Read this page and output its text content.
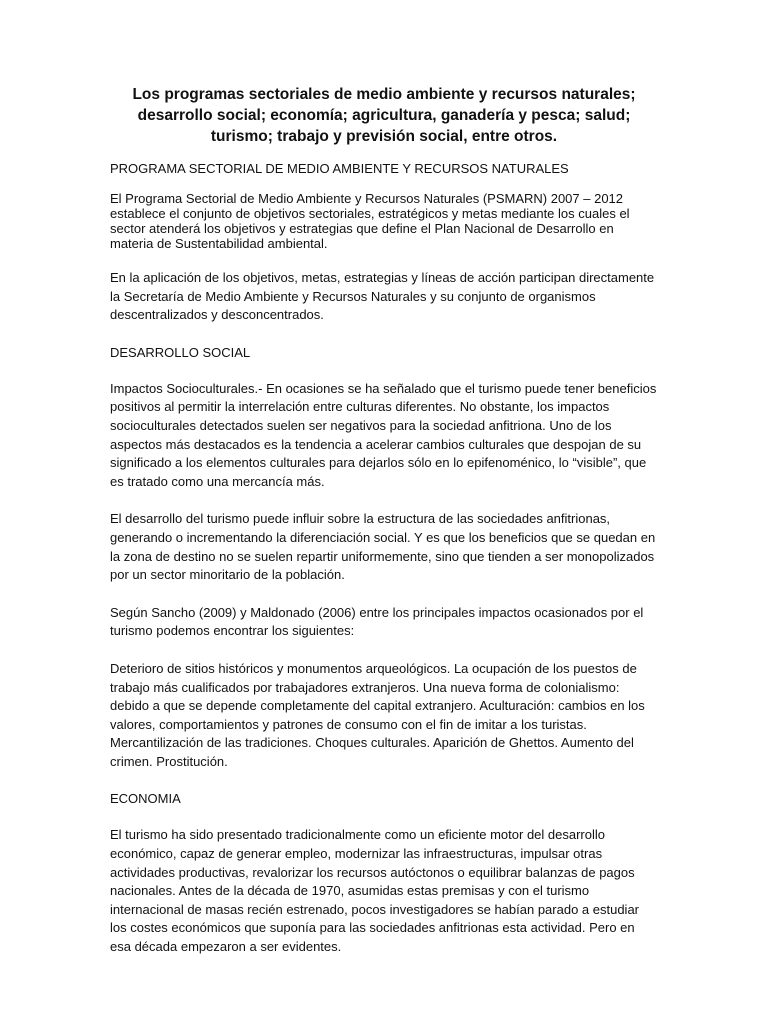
Los programas sectoriales de medio ambiente y recursos naturales; desarrollo social; economía; agricultura, ganadería y pesca; salud; turismo; trabajo y previsión social, entre otros.
PROGRAMA SECTORIAL DE MEDIO AMBIENTE Y RECURSOS NATURALES

El Programa Sectorial de Medio Ambiente y Recursos Naturales (PSMARN) 2007 – 2012 establece el conjunto de objetivos sectoriales, estratégicos y metas mediante los cuales el sector atenderá los objetivos y estrategias que define el Plan Nacional de Desarrollo en materia de Sustentabilidad ambiental.

En la aplicación de los objetivos, metas, estrategias y líneas de acción participan directamente la Secretaría de Medio Ambiente y Recursos Naturales y su conjunto de organismos descentralizados y desconcentrados.

DESARROLLO SOCIAL

Impactos Socioculturales.- En ocasiones se ha señalado que el turismo puede tener beneficios positivos al permitir la interrelación entre culturas diferentes. No obstante, los impactos socioculturales detectados suelen ser negativos para la sociedad anfitriona. Uno de los aspectos más destacados es la tendencia a acelerar cambios culturales que despojan de su significado a los elementos culturales para dejarlos sólo en lo epifenoménico, lo “visible”, que es tratado como una mercancía más.

El desarrollo del turismo puede influir sobre la estructura de las sociedades anfitrionas, generando o incrementando la diferenciación social. Y es que los beneficios que se quedan en la zona de destino no se suelen repartir uniformemente, sino que tienden a ser monopolizados por un sector minoritario de la población.

Según Sancho (2009) y Maldonado (2006) entre los principales impactos ocasionados por el turismo podemos encontrar los siguientes:

Deterioro de sitios históricos y monumentos arqueológicos. La ocupación de los puestos de trabajo más cualificados por trabajadores extranjeros. Una nueva forma de colonialismo: debido a que se depende completamente del capital extranjero. Aculturación: cambios en los valores, comportamientos y patrones de consumo con el fin de imitar a los turistas. Mercantilización de las tradiciones. Choques culturales. Aparición de Ghettos. Aumento del crimen. Prostitución.

ECONOMIA

El turismo ha sido presentado tradicionalmente como un eficiente motor del desarrollo económico, capaz de generar empleo, modernizar las infraestructuras, impulsar otras actividades productivas, revalorizar los recursos autóctonos o equilibrar balanzas de pagos nacionales. Antes de la década de 1970, asumidas estas premisas y con el turismo internacional de masas recién estrenado, pocos investigadores se habían parado a estudiar los costes económicos que suponía para las sociedades anfitrionas esta actividad. Pero en esa década empezaron a ser evidentes.
